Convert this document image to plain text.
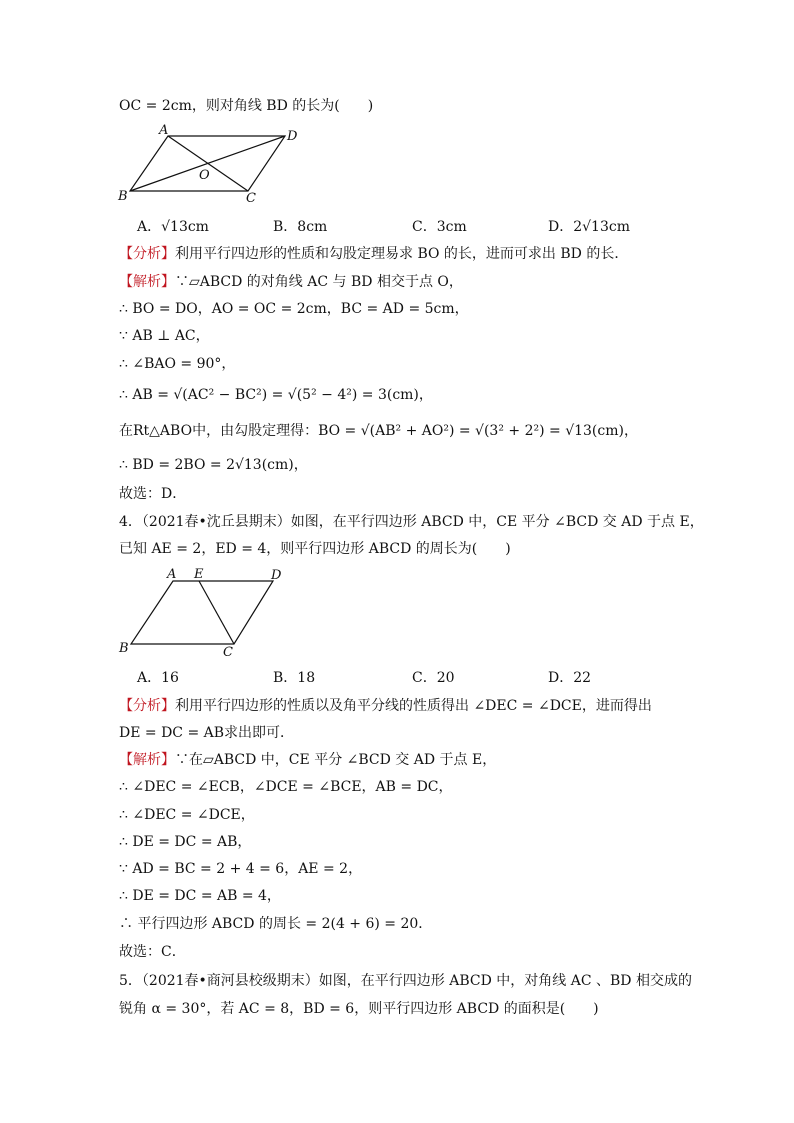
OC = 2cm，则对角线 BD 的长为(　　)
A	D
B	C
O
A．√13cm	B．8cm	C．3cm	D．2√13cm
【分析】利用平行四边形的性质和勾股定理易求 BO 的长，进而可求出 BD 的长．
【解析】∵▱ABCD 的对角线 AC 与 BD 相交于点 O，
∴ BO = DO，AO = OC = 2cm，BC = AD = 5cm，
∵ AB ⊥ AC，
∴ ∠BAO = 90°，
∴ AB = √(AC² − BC²) = √(5² − 4²) = 3(cm)，
在Rt△ABO中，由勾股定理得：BO = √(AB² + AO²) = √(3² + 2²) = √13(cm)，
∴ BD = 2BO = 2√13(cm)，
故选：D．
4．（2021春•沈丘县期末）如图，在平行四边形 ABCD 中，CE 平分 ∠BCD 交 AD 于点 E，
已知 AE = 2，ED = 4，则平行四边形 ABCD 的周长为(　　)
A E	D
B	C
A．16	B．18	C．20	D．22
【分析】利用平行四边形的性质以及角平分线的性质得出 ∠DEC = ∠DCE，进而得出
DE = DC = AB求出即可．
【解析】∵在▱ABCD 中，CE 平分 ∠BCD 交 AD 于点 E，
∴ ∠DEC = ∠ECB，∠DCE = ∠BCE，AB = DC，
∴ ∠DEC = ∠DCE，
∴ DE = DC = AB，
∵ AD = BC = 2 + 4 = 6，AE = 2，
∴ DE = DC = AB = 4，
∴ 平行四边形 ABCD 的周长 = 2(4 + 6) = 20．
故选：C．
5．（2021春•商河县校级期末）如图，在平行四边形 ABCD 中，对角线 AC 、BD 相交成的
锐角 α = 30°，若 AC = 8，BD = 6，则平行四边形 ABCD 的面积是(　　)
